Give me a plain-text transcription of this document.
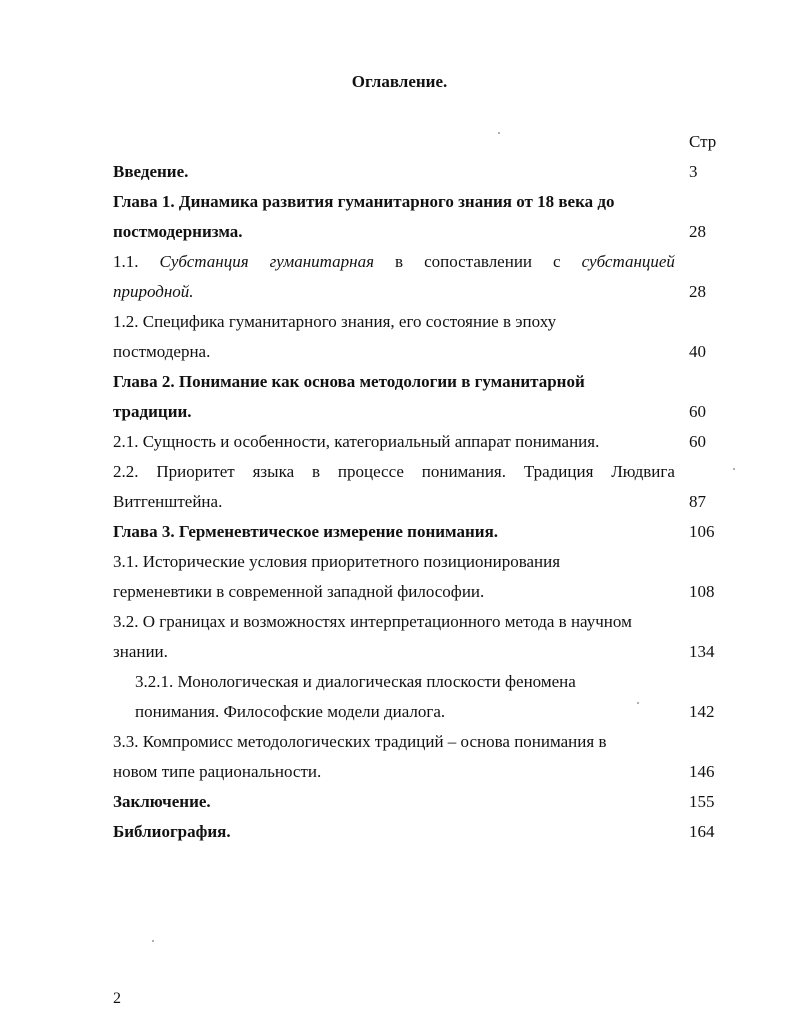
Оглавление.
Стр
Введение.	3
Глава 1. Динамика развития гуманитарного знания от 18 века до
постмодернизма.	28
1.1. Субстанция гуманитарная в сопоставлении с субстанцией
природной.	28
1.2. Специфика гуманитарного знания, его состояние в эпоху
постмодерна.	40
Глава 2. Понимание как основа методологии в гуманитарной
традиции.	60
2.1. Сущность и особенности, категориальный аппарат понимания.	60
2.2. Приоритет языка в процессе понимания. Традиция Людвига
Витгенштейна.	87
Глава 3. Герменевтическое измерение понимания.	106
3.1. Исторические условия приоритетного позиционирования
герменевтики в современной западной философии.	108
3.2. О границах и возможностях интерпретационного метода в научном
знании.	134
3.2.1. Монологическая и диалогическая плоскости феномена
понимания. Философские модели диалога.	142
3.3. Компромисс методологических традиций – основа понимания в
новом типе рациональности.	146
Заключение.	155
Библиография.	164
2
